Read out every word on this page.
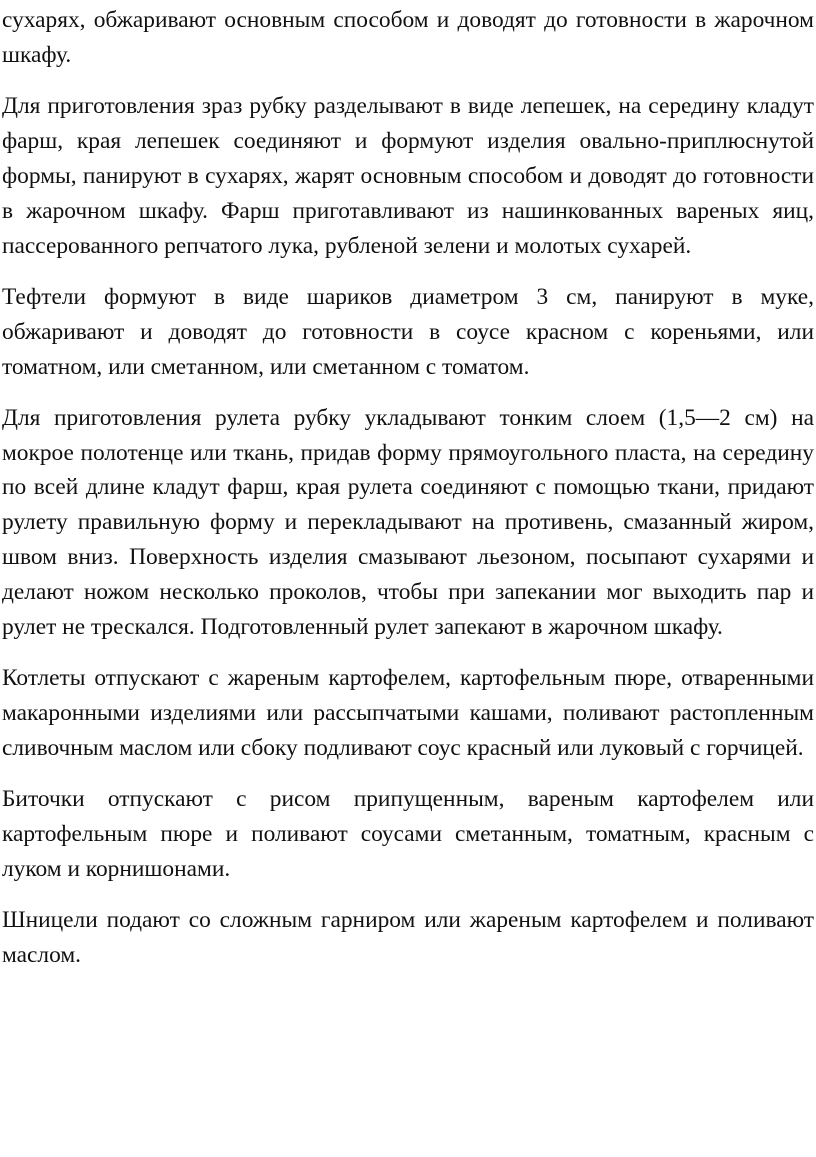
сухарях, обжаривают основным способом и доводят до готовности в жарочном шкафу.

Для приготовления зраз рубку разделывают в виде лепешек, на середину кладут фарш, края лепешек соединяют и формуют изделия овально-приплюснутой формы, панируют в сухарях, жарят основным способом и доводят до готовности в жарочном шкафу. Фарш приготавливают из нашинкованных вареных яиц, пассерованного репчатого лука, рубленой зелени и молотых сухарей.

Тефтели формуют в виде шариков диаметром 3 см, панируют в муке, обжаривают и доводят до готовности в соусе красном с кореньями, или томатном, или сметанном, или сметанном с томатом.

Для приготовления рулета рубку укладывают тонким слоем (1,5—2 см) на мокрое полотенце или ткань, придав форму прямоугольного пласта, на середину по всей длине кладут фарш, края рулета соединяют с помощью ткани, придают рулету правильную форму и перекладывают на противень, смазанный жиром, швом вниз. Поверхность изделия смазывают льезоном, посыпают сухарями и делают ножом несколько проколов, чтобы при запекании мог выходить пар и рулет не трескался. Подготовленный рулет запекают в жарочном шкафу.

Котлеты отпускают с жареным картофелем, картофельным пюре, отваренными макаронными изделиями или рассыпчатыми кашами, поливают растопленным сливочным маслом или сбоку подливают соус красный или луковый с горчицей.

Биточки отпускают с рисом припущенным, вареным картофелем или картофельным пюре и поливают соусами сметанным, томатным, красным с луком и корнишонами.

Шницели подают со сложным гарниром или жареным картофелем и поливают маслом.
